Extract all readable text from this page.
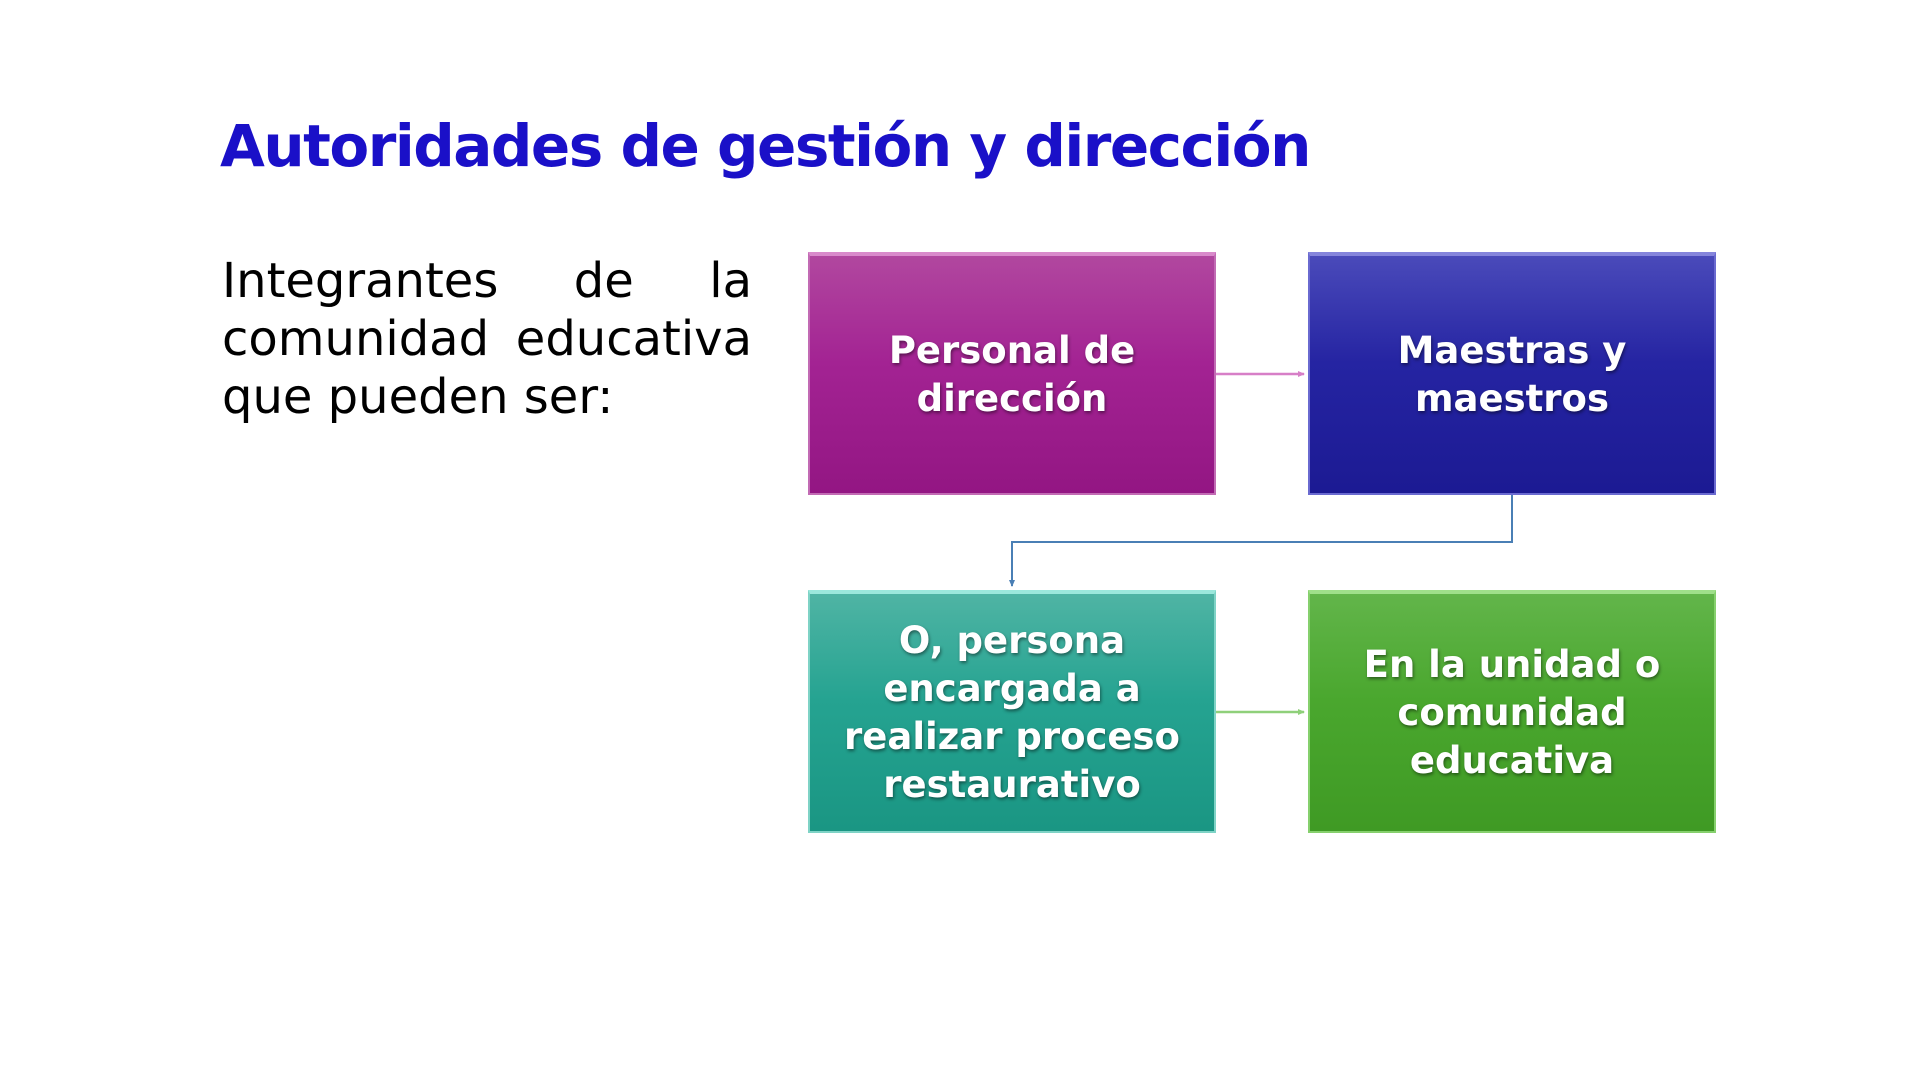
Autoridades de gestión y dirección
Integrantes de la comunidad educativa que pueden ser:
Personal de dirección
Maestras y maestros
O, persona encargada a realizar proceso restaurativo
En la unidad o comunidad educativa
